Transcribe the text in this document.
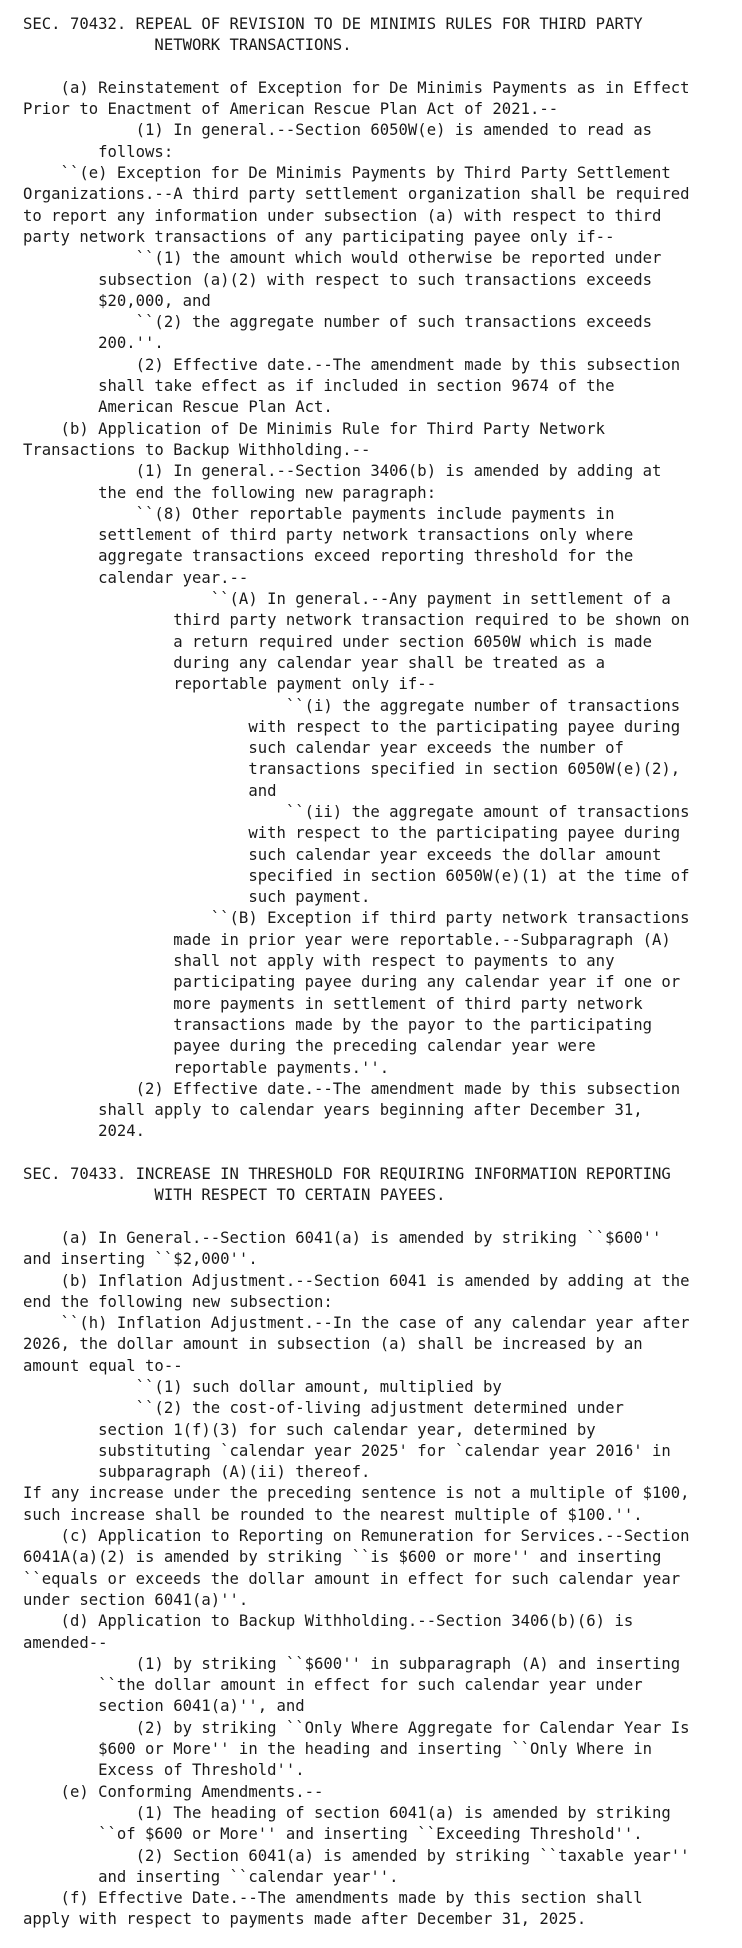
SEC. 70432. REPEAL OF REVISION TO DE MINIMIS RULES FOR THIRD PARTY
NETWORK TRANSACTIONS.
(a) Reinstatement of Exception for De Minimis Payments as in Effect
Prior to Enactment of American Rescue Plan Act of 2021.--
(1) In general.--Section 6050W(e) is amended to read as
follows:
``(e) Exception for De Minimis Payments by Third Party Settlement
Organizations.--A third party settlement organization shall be required
to report any information under subsection (a) with respect to third
party network transactions of any participating payee only if--
``(1) the amount which would otherwise be reported under
subsection (a)(2) with respect to such transactions exceeds
$20,000, and
``(2) the aggregate number of such transactions exceeds
200.''.
(2) Effective date.--The amendment made by this subsection
shall take effect as if included in section 9674 of the
American Rescue Plan Act.
(b) Application of De Minimis Rule for Third Party Network
Transactions to Backup Withholding.--
(1) In general.--Section 3406(b) is amended by adding at
the end the following new paragraph:
``(8) Other reportable payments include payments in
settlement of third party network transactions only where
aggregate transactions exceed reporting threshold for the
calendar year.--
``(A) In general.--Any payment in settlement of a
third party network transaction required to be shown on
a return required under section 6050W which is made
during any calendar year shall be treated as a
reportable payment only if--
``(i) the aggregate number of transactions
with respect to the participating payee during
such calendar year exceeds the number of
transactions specified in section 6050W(e)(2),
and
``(ii) the aggregate amount of transactions
with respect to the participating payee during
such calendar year exceeds the dollar amount
specified in section 6050W(e)(1) at the time of
such payment.
``(B) Exception if third party network transactions
made in prior year were reportable.--Subparagraph (A)
shall not apply with respect to payments to any
participating payee during any calendar year if one or
more payments in settlement of third party network
transactions made by the payor to the participating
payee during the preceding calendar year were
reportable payments.''.
(2) Effective date.--The amendment made by this subsection
shall apply to calendar years beginning after December 31,
2024.
SEC. 70433. INCREASE IN THRESHOLD FOR REQUIRING INFORMATION REPORTING
WITH RESPECT TO CERTAIN PAYEES.
(a) In General.--Section 6041(a) is amended by striking ``$600''
and inserting ``$2,000''.
(b) Inflation Adjustment.--Section 6041 is amended by adding at the
end the following new subsection:
``(h) Inflation Adjustment.--In the case of any calendar year after
2026, the dollar amount in subsection (a) shall be increased by an
amount equal to--
``(1) such dollar amount, multiplied by
``(2) the cost-of-living adjustment determined under
section 1(f)(3) for such calendar year, determined by
substituting `calendar year 2025' for `calendar year 2016' in
subparagraph (A)(ii) thereof.
If any increase under the preceding sentence is not a multiple of $100,
such increase shall be rounded to the nearest multiple of $100.''.
(c) Application to Reporting on Remuneration for Services.--Section
6041A(a)(2) is amended by striking ``is $600 or more'' and inserting
``equals or exceeds the dollar amount in effect for such calendar year
under section 6041(a)''.
(d) Application to Backup Withholding.--Section 3406(b)(6) is
amended--
(1) by striking ``$600'' in subparagraph (A) and inserting
``the dollar amount in effect for such calendar year under
section 6041(a)'', and
(2) by striking ``Only Where Aggregate for Calendar Year Is
$600 or More'' in the heading and inserting ``Only Where in
Excess of Threshold''.
(e) Conforming Amendments.--
(1) The heading of section 6041(a) is amended by striking
``of $600 or More'' and inserting ``Exceeding Threshold''.
(2) Section 6041(a) is amended by striking ``taxable year''
and inserting ``calendar year''.
(f) Effective Date.--The amendments made by this section shall
apply with respect to payments made after December 31, 2025.
